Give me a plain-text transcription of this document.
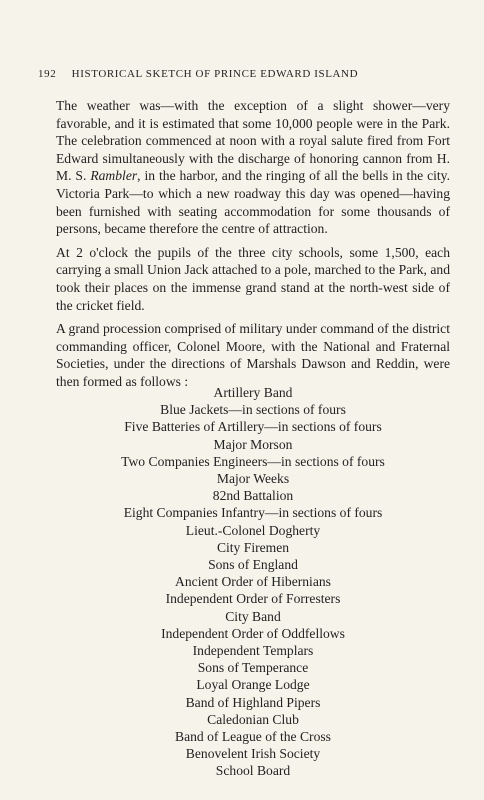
192 HISTORICAL SKETCH OF PRINCE EDWARD ISLAND

The weather was—with the exception of a slight shower—very favorable, and it is estimated that some 10,000 people were in the Park. The celebration commenced at noon with a royal salute fired from Fort Edward simultaneously with the discharge of honoring cannon from H. M. S. Rambler, in the harbor, and the ringing of all the bells in the city. Victoria Park—to which a new roadway this day was opened—having been furnished with seating accommodation for some thousands of persons, became therefore the centre of attraction.

At 2 o'clock the pupils of the three city schools, some 1,500, each carrying a small Union Jack attached to a pole, marched to the Park, and took their places on the immense grand stand at the north-west side of the cricket field.

A grand procession comprised of military under command of the district commanding officer, Colonel Moore, with the National and Fraternal Societies, under the directions of Marshals Dawson and Reddin, were then formed as follows :

Artillery Band
Blue Jackets—in sections of fours
Five Batteries of Artillery—in sections of fours
Major Morson
Two Companies Engineers—in sections of fours
Major Weeks
82nd Battalion
Eight Companies Infantry—in sections of fours
Lieut.-Colonel Dogherty
City Firemen
Sons of England
Ancient Order of Hibernians
Independent Order of Forresters
City Band
Independent Order of Oddfellows
Independent Templars
Sons of Temperance
Loyal Orange Lodge
Band of Highland Pipers
Caledonian Club
Band of League of the Cross
Benovelent Irish Society
School Board
